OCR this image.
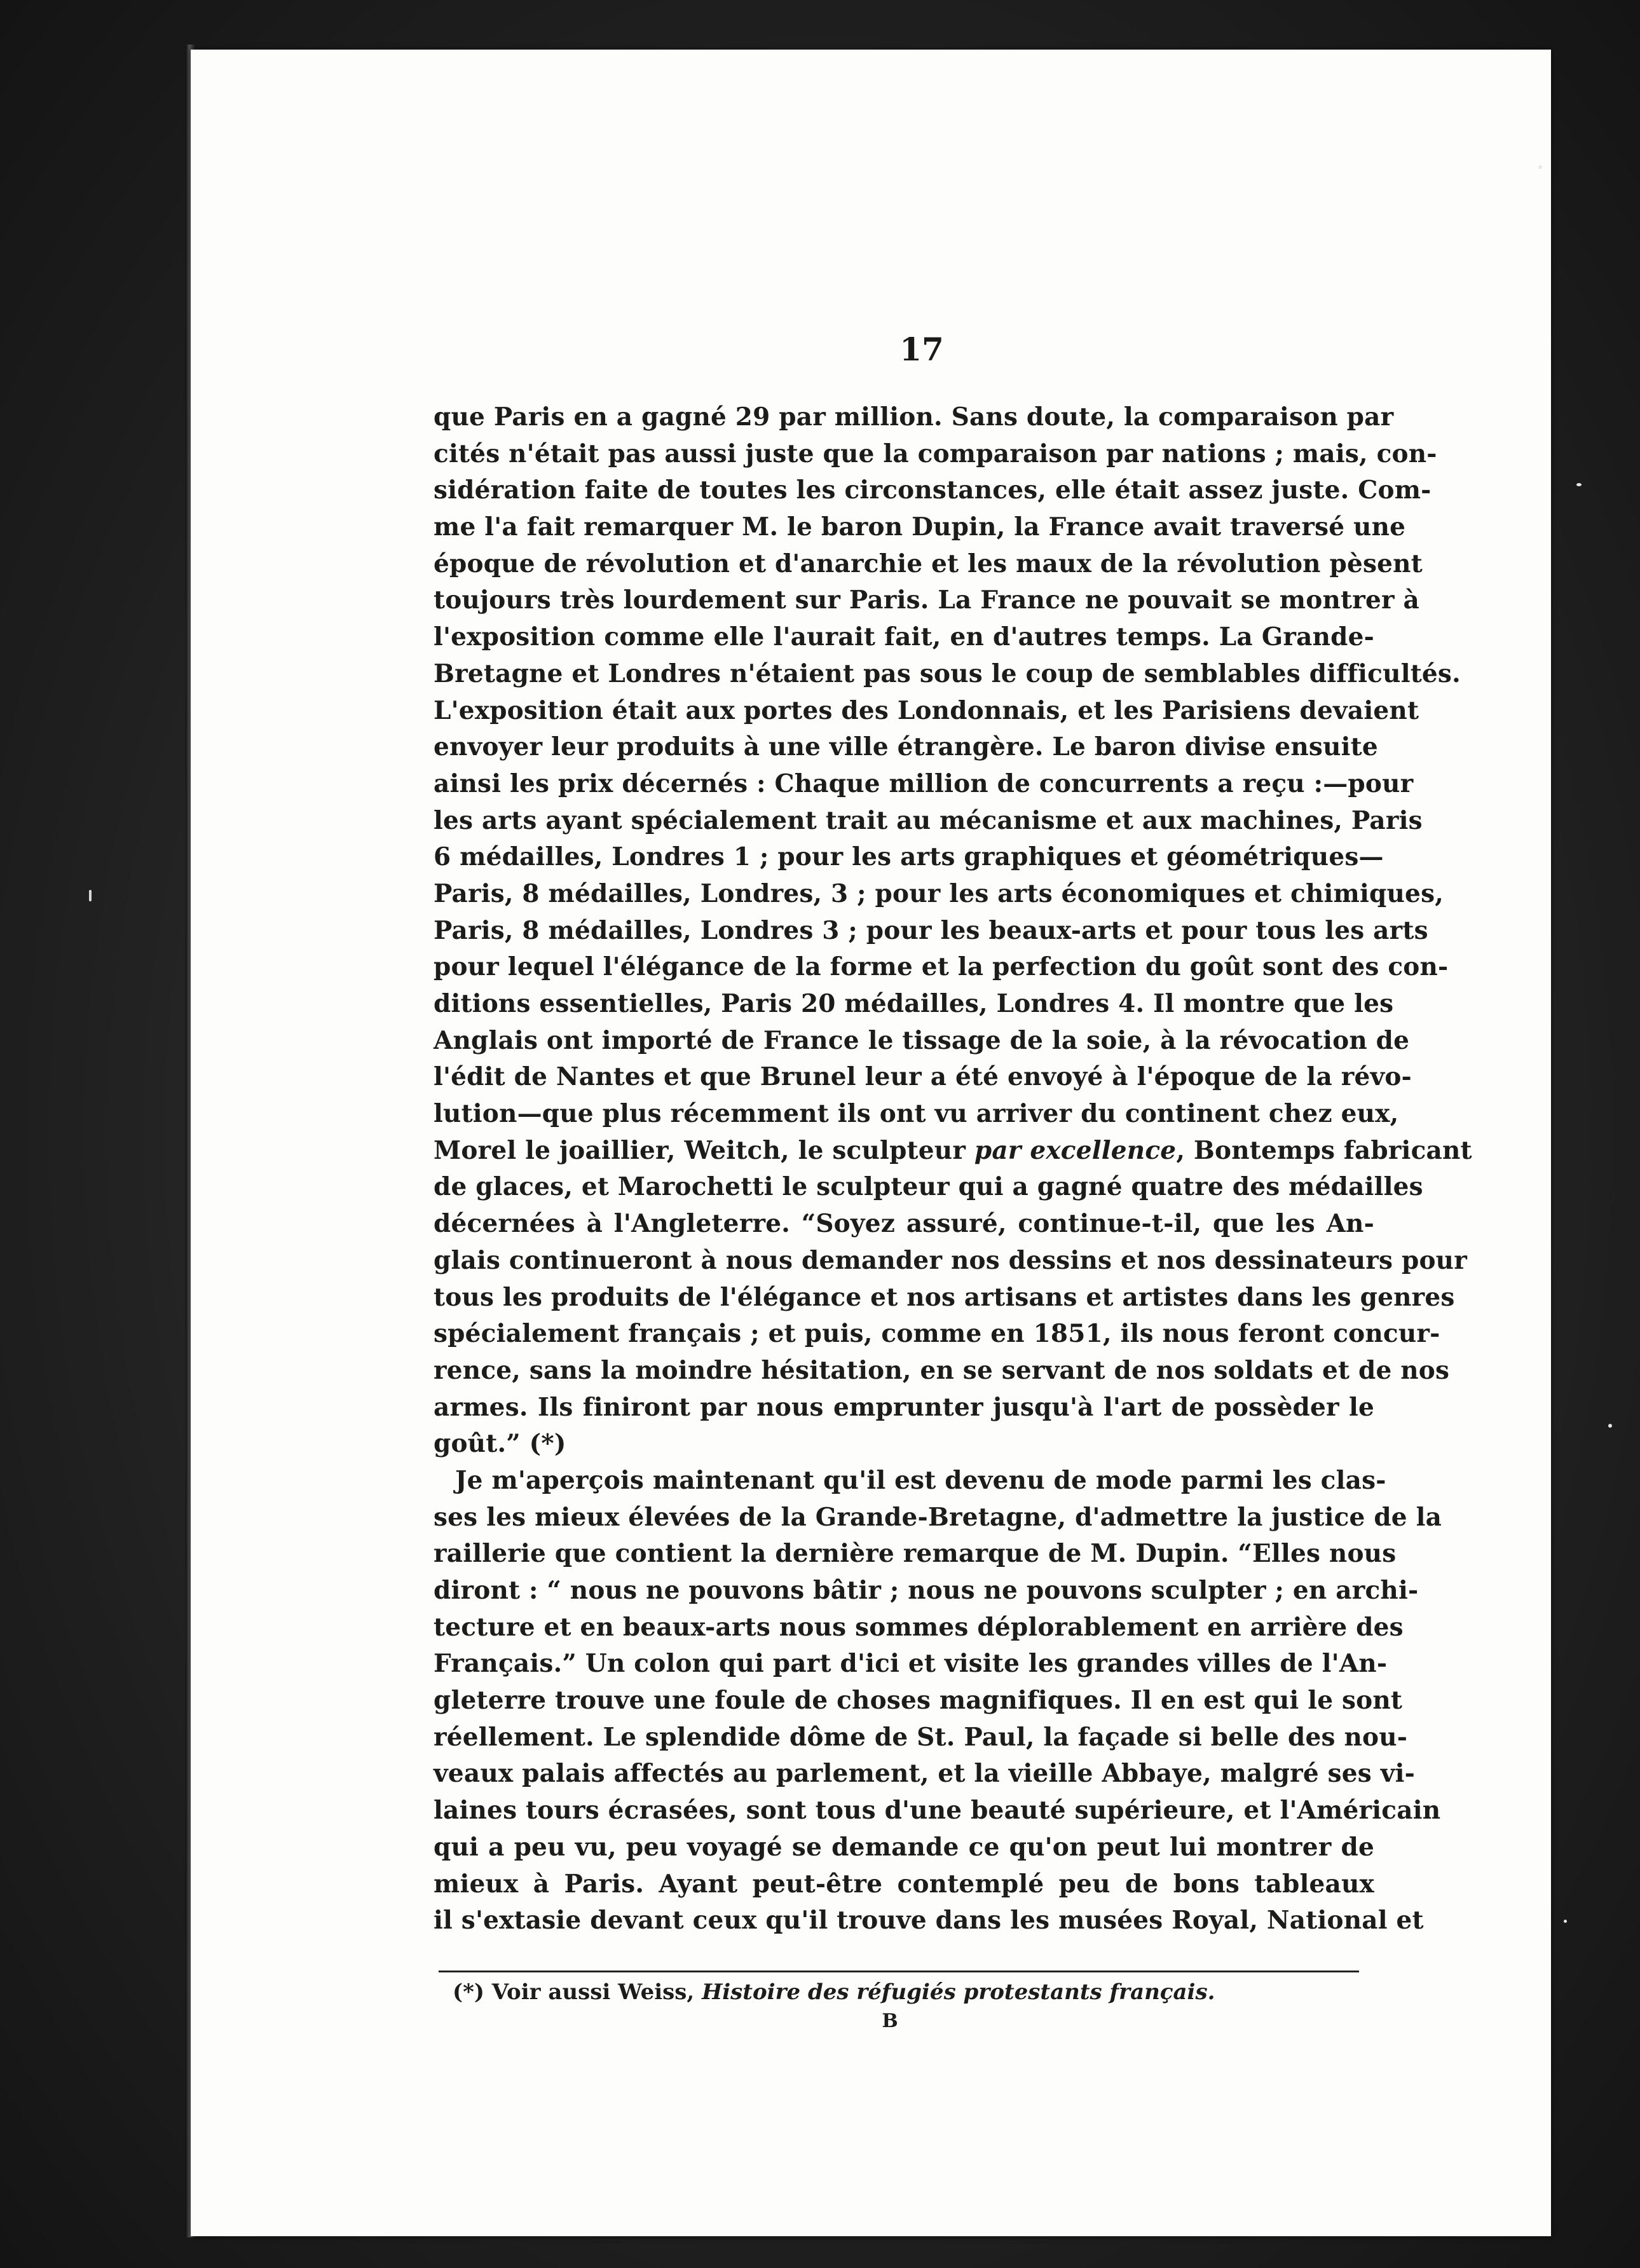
17
que Paris en a gagné 29 par million. Sans doute, la comparaison par
cités n'était pas aussi juste que la comparaison par nations ; mais, con-
sidération faite de toutes les circonstances, elle était assez juste. Com-
me l'a fait remarquer M. le baron Dupin, la France avait traversé une
époque de révolution et d'anarchie et les maux de la révolution pèsent
toujours très lourdement sur Paris. La France ne pouvait se montrer à
l'exposition comme elle l'aurait fait, en d'autres temps. La Grande-
Bretagne et Londres n'étaient pas sous le coup de semblables difficultés.
L'exposition était aux portes des Londonnais, et les Parisiens devaient
envoyer leur produits à une ville étrangère. Le baron divise ensuite
ainsi les prix décernés : Chaque million de concurrents a reçu :—pour
les arts ayant spécialement trait au mécanisme et aux machines, Paris
6 médailles, Londres 1 ; pour les arts graphiques et géométriques—
Paris, 8 médailles, Londres, 3 ; pour les arts économiques et chimiques,
Paris, 8 médailles, Londres 3 ; pour les beaux-arts et pour tous les arts
pour lequel l'élégance de la forme et la perfection du goût sont des con-
ditions essentielles, Paris 20 médailles, Londres 4. Il montre que les
Anglais ont importé de France le tissage de la soie, à la révocation de
l'édit de Nantes et que Brunel leur a été envoyé à l'époque de la révo-
lution—que plus récemment ils ont vu arriver du continent chez eux,
Morel le joaillier, Weitch, le sculpteur par excellence, Bontemps fabricant
de glaces, et Marochetti le sculpteur qui a gagné quatre des médailles
décernées à l'Angleterre. “Soyez assuré, continue-t-il, que les An-
glais continueront à nous demander nos dessins et nos dessinateurs pour
tous les produits de l'élégance et nos artisans et artistes dans les genres
spécialement français ; et puis, comme en 1851, ils nous feront concur-
rence, sans la moindre hésitation, en se servant de nos soldats et de nos
armes. Ils finiront par nous emprunter jusqu'à l'art de possèder le
goût.” (*)
Je m'aperçois maintenant qu'il est devenu de mode parmi les clas-
ses les mieux élevées de la Grande-Bretagne, d'admettre la justice de la
raillerie que contient la dernière remarque de M. Dupin. “Elles nous
diront : “ nous ne pouvons bâtir ; nous ne pouvons sculpter ; en archi-
tecture et en beaux-arts nous sommes déplorablement en arrière des
Français.” Un colon qui part d'ici et visite les grandes villes de l'An-
gleterre trouve une foule de choses magnifiques. Il en est qui le sont
réellement. Le splendide dôme de St. Paul, la façade si belle des nou-
veaux palais affectés au parlement, et la vieille Abbaye, malgré ses vi-
laines tours écrasées, sont tous d'une beauté supérieure, et l'Américain
qui a peu vu, peu voyagé se demande ce qu'on peut lui montrer de
mieux à Paris. Ayant peut-être contemplé peu de bons tableaux
il s'extasie devant ceux qu'il trouve dans les musées Royal, National et
(*) Voir aussi Weiss, Histoire des réfugiés protestants français.
B
